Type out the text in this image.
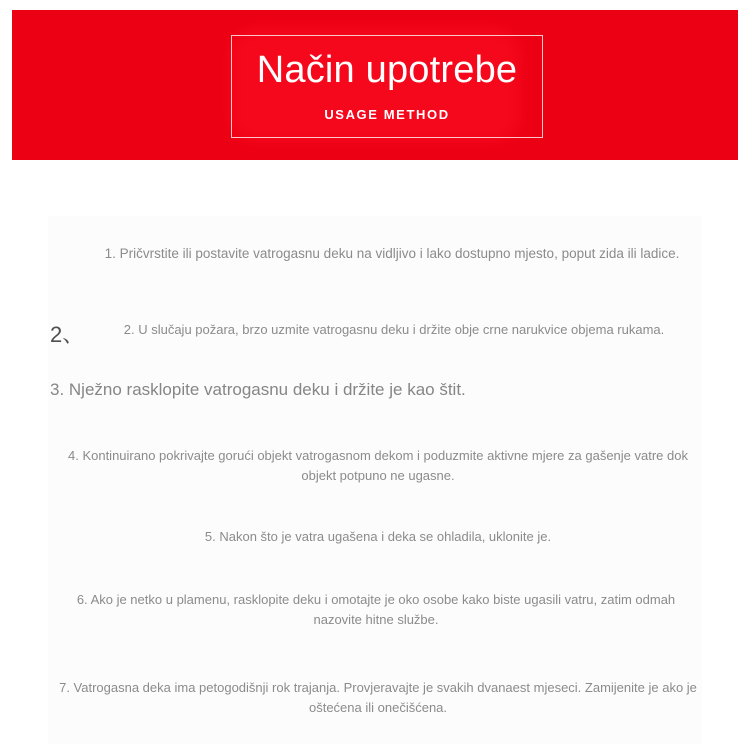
Način upotrebe
USAGE METHOD
1. Pričvrstite ili postavite vatrogasnu deku na vidljivo i lako dostupno mjesto, poput zida ili ladice.
2、	2. U slučaju požara, brzo uzmite vatrogasnu deku i držite obje crne narukvice objema rukama.
3. Nježno rasklopite vatrogasnu deku i držite je kao štit.
4. Kontinuirano pokrivajte gorući objekt vatrogasnom dekom i poduzmite aktivne mjere za gašenje vatre dok objekt potpuno ne ugasne.
5. Nakon što je vatra ugašena i deka se ohladila, uklonite je.
6. Ako je netko u plamenu, rasklopite deku i omotajte je oko osobe kako biste ugasili vatru, zatim odmah nazovite hitne službe.
7. Vatrogasna deka ima petogodišnji rok trajanja. Provjeravajte je svakih dvanaest mjeseci. Zamijenite je ako je oštećena ili onečišćena.
